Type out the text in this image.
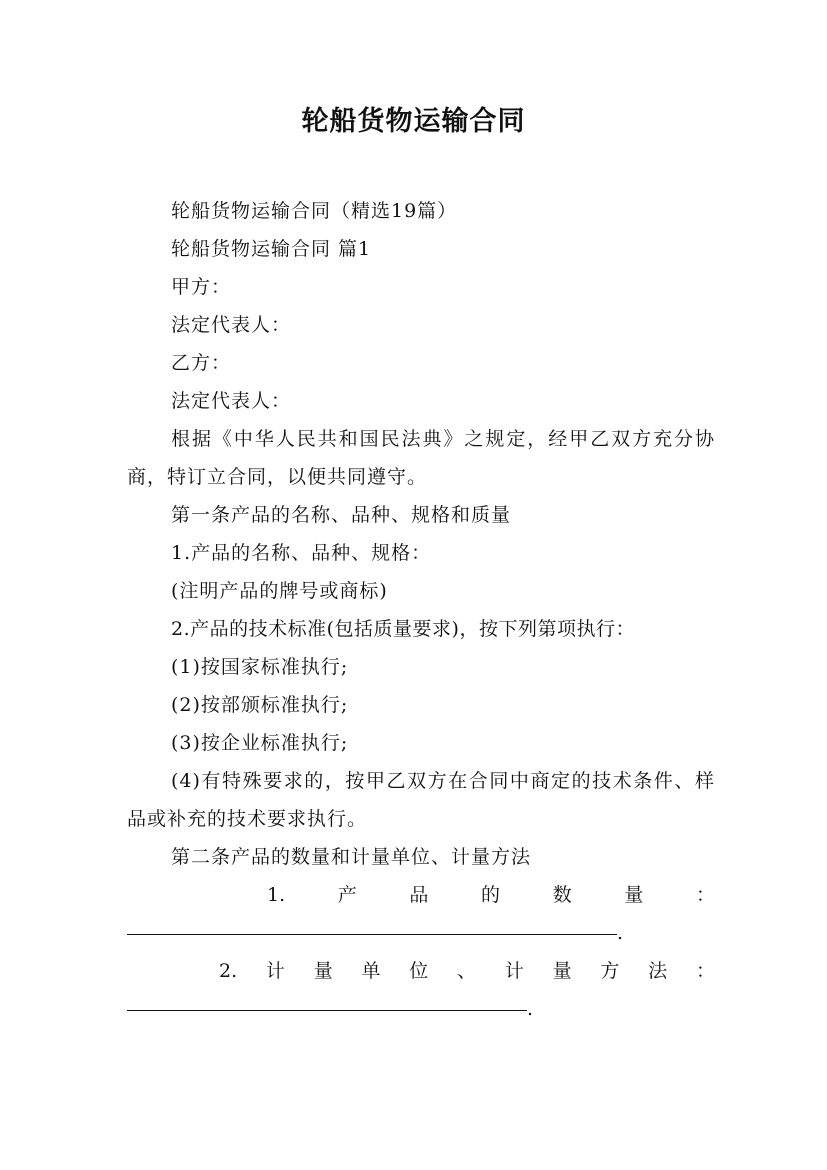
轮船货物运输合同

轮船货物运输合同（精选19篇）

轮船货物运输合同 篇1

甲方：

法定代表人：

乙方：

法定代表人：

根据《中华人民共和国民法典》之规定，经甲乙双方充分协商，特订立合同，以便共同遵守。

第一条产品的名称、品种、规格和质量

1.产品的名称、品种、规格：

(注明产品的牌号或商标)

2.产品的技术标准(包括质量要求)，按下列第项执行：

(1)按国家标准执行;

(2)按部颁标准执行;

(3)按企业标准执行;

(4)有特殊要求的，按甲乙双方在合同中商定的技术条件、样品或补充的技术要求执行。

第二条产品的数量和计量单位、计量方法

1.	产	品	的	数	量	：

.

2. 计 量 单 位 、 计 量 方 法 ：

.
